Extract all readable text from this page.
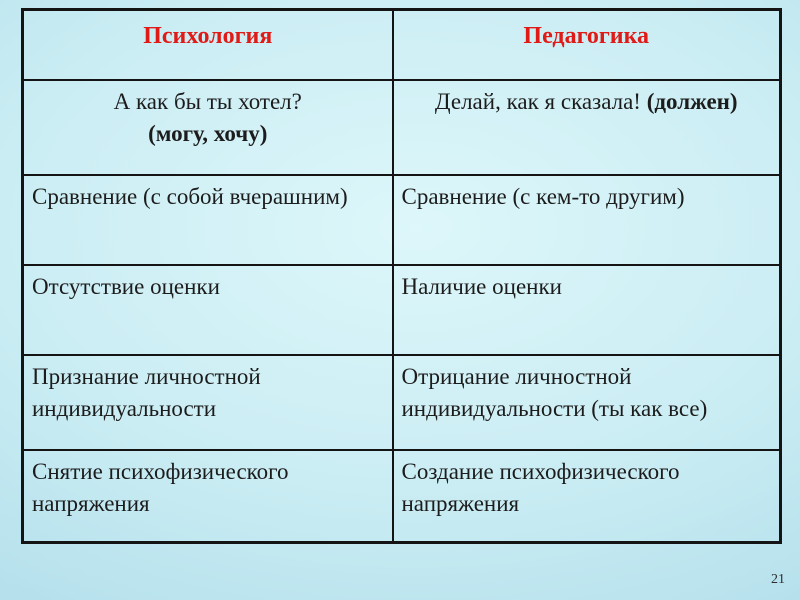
Психология	Педагогика

А как бы ты хотел?
(могу, хочу)	Делай, как я сказала! (должен)
Сравнение (с собой вчерашним)	Сравнение (с кем-то другим)
Отсутствие оценки	Наличие оценки
Признание личностной индивидуальности	Отрицание личностной индивидуальности (ты как все)
Снятие психофизического напряжения	Создание психофизического напряжения
21
